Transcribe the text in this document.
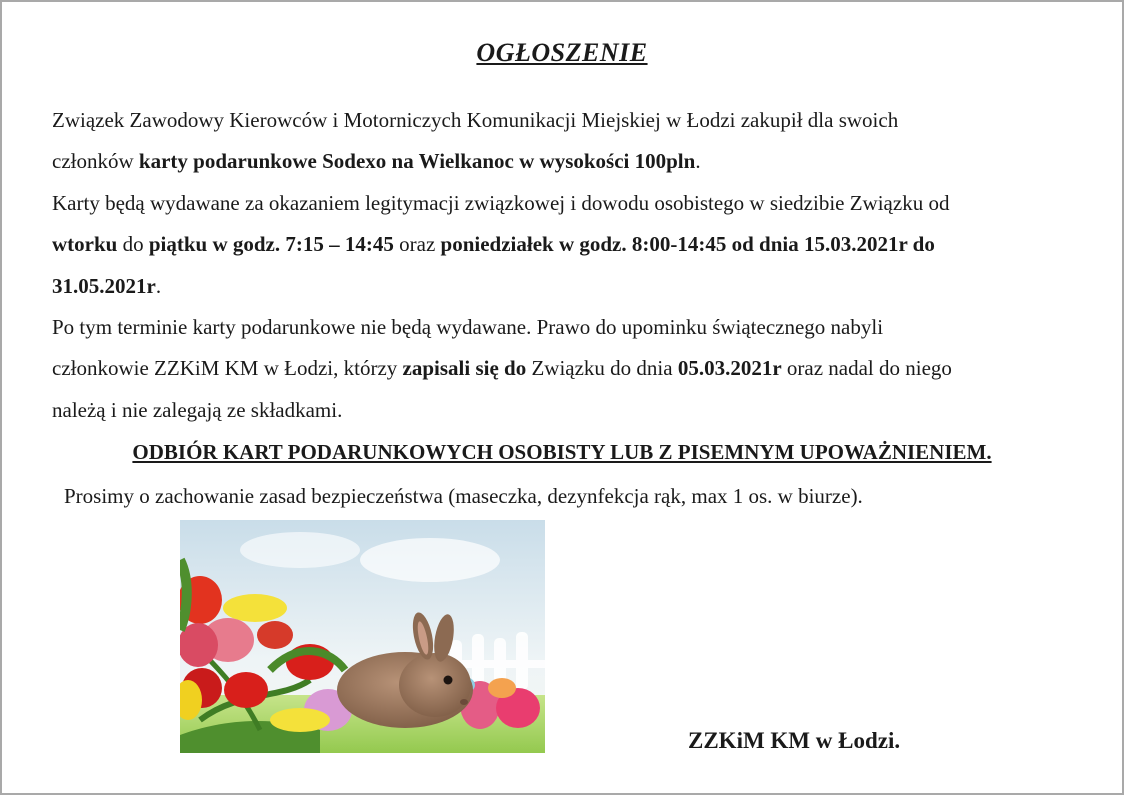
OGŁOSZENIE

Związek Zawodowy Kierowców i Motorniczych Komunikacji Miejskiej w Łodzi zakupił dla swoich

członków karty podarunkowe Sodexo na Wielkanoc w wysokości 100pln.

Karty będą wydawane za okazaniem legitymacji związkowej i dowodu osobistego w siedzibie Związku od

wtorku do piątku w godz. 7:15 – 14:45 oraz poniedziałek w godz. 8:00-14:45 od dnia 15.03.2021r do

31.05.2021r.

Po tym terminie karty podarunkowe nie będą wydawane. Prawo do upominku świątecznego nabyli

członkowie ZZKiM KM w Łodzi, którzy zapisali się do Związku do dnia 05.03.2021r oraz nadal do niego

należą i nie zalegają ze składkami.

ODBIÓR KART PODARUNKOWYCH OSOBISTY LUB Z PISEMNYM UPOWAŻNIENIEM.
Prosimy o zachowanie zasad bezpieczeństwa (maseczka, dezynfekcja rąk, max 1 os. w biurze).
ZZKiM KM w Łodzi.
